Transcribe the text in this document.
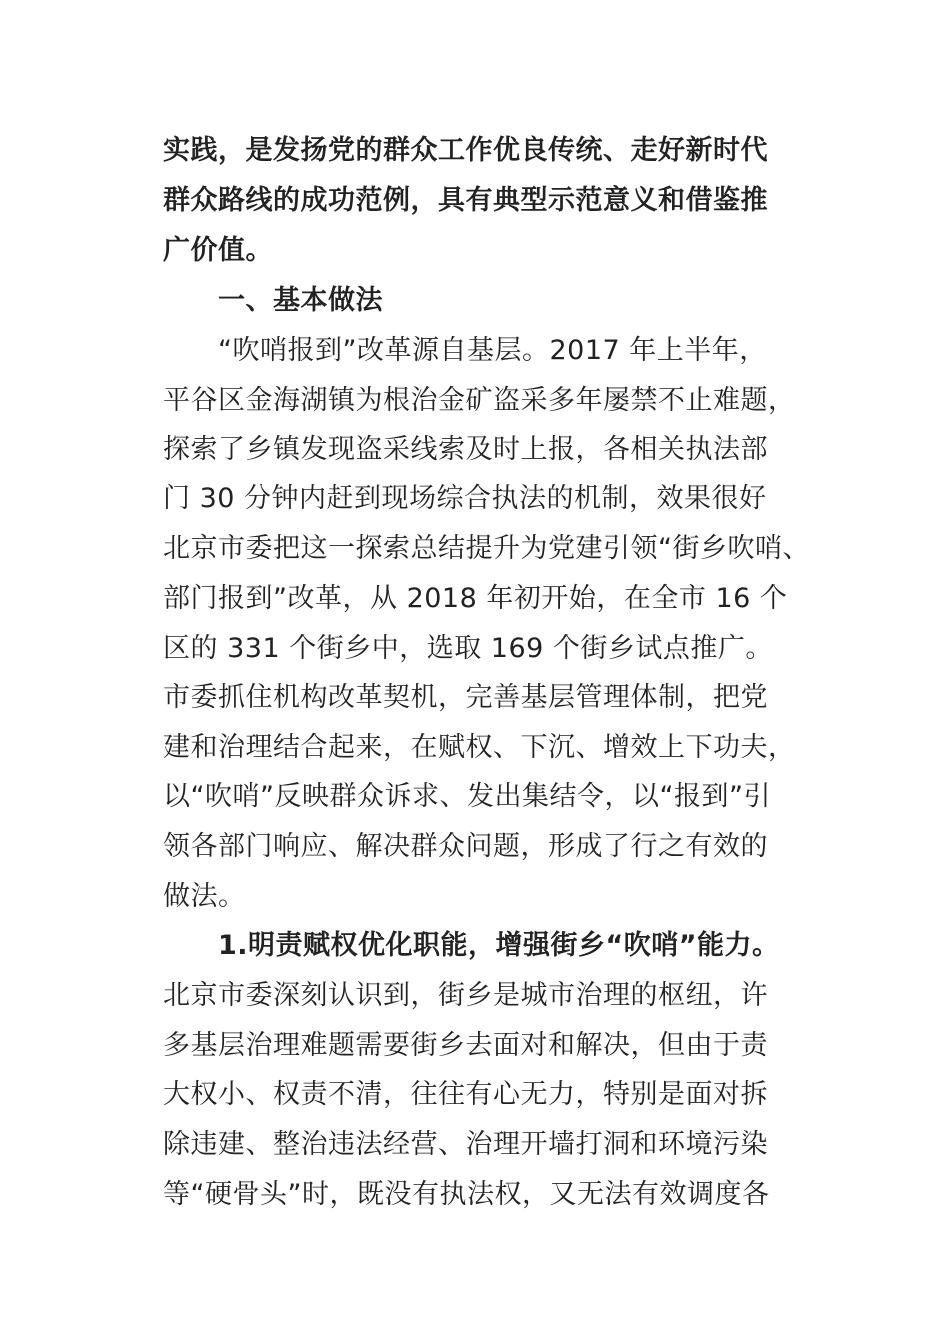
实践，是发扬党的群众工作优良传统、走好新时代
群众路线的成功范例，具有典型示范意义和借鉴推
广价值。
一、基本做法
“吹哨报到”改革源自基层。2017 年上半年，
平谷区金海湖镇为根治金矿盗采多年屡禁不止难题，
探索了乡镇发现盗采线索及时上报，各相关执法部
门 30 分钟内赶到现场综合执法的机制，效果很好
北京市委把这一探索总结提升为党建引领“街乡吹哨、
部门报到”改革，从 2018 年初开始，在全市 16 个
区的 331 个街乡中，选取 169 个街乡试点推广。
市委抓住机构改革契机，完善基层管理体制，把党
建和治理结合起来，在赋权、下沉、增效上下功夫，
以“吹哨”反映群众诉求、发出集结令，以“报到”引
领各部门响应、解决群众问题，形成了行之有效的
做法。
1.明责赋权优化职能，增强街乡“吹哨”能力。
北京市委深刻认识到，街乡是城市治理的枢纽，许
多基层治理难题需要街乡去面对和解决，但由于责
大权小、权责不清，往往有心无力，特别是面对拆
除违建、整治违法经营、治理开墙打洞和环境污染
等“硬骨头”时，既没有执法权，又无法有效调度各
